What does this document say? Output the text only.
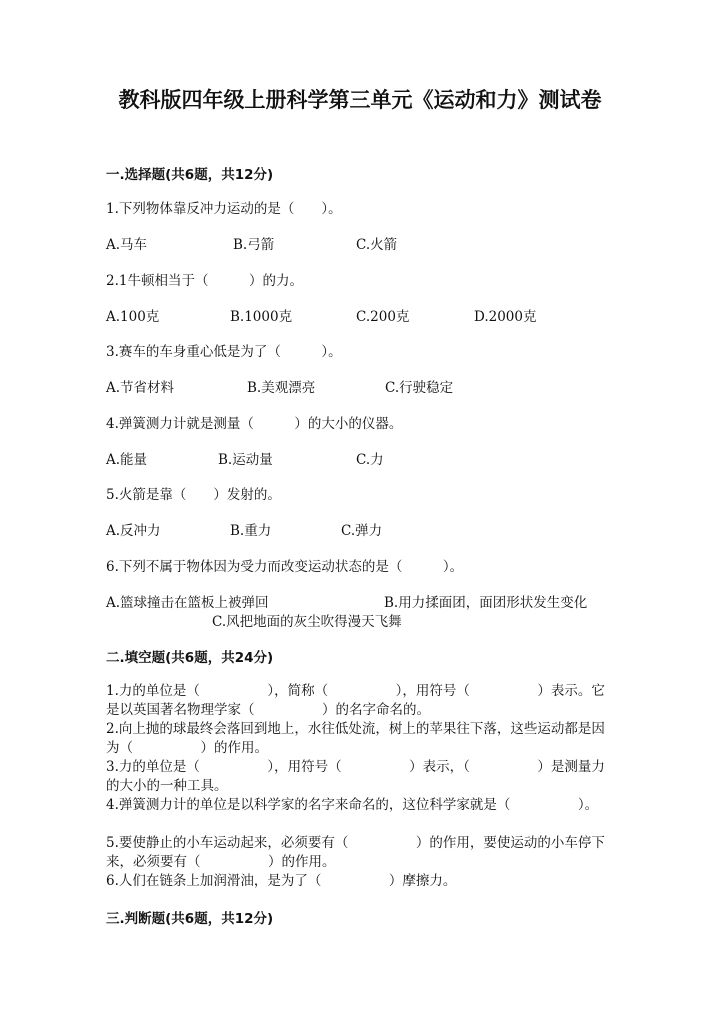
教科版四年级上册科学第三单元《运动和力》测试卷
一.选择题(共6题，共12分)
1.下列物体靠反冲力运动的是（　　）。
A.马车	B.弓箭	C.火箭
2.1牛顿相当于（　　　）的力。
A.100克	B.1000克	C.200克	D.2000克
3.赛车的车身重心低是为了（　　　）。
A.节省材料	B.美观漂亮	C.行驶稳定
4.弹簧测力计就是测量（　　　）的大小的仪器。
A.能量	B.运动量	C.力
5.火箭是靠（　　）发射的。
A.反冲力	B.重力	C.弹力
6.下列不属于物体因为受力而改变运动状态的是（　　　）。
A.篮球撞击在篮板上被弹回	B.用力揉面团，面团形状发生变化
C.风把地面的灰尘吹得漫天飞舞
二.填空题(共6题，共24分)
1.力的单位是（　　　　　），简称（　　　　　），用符号（　　　　　）表示。它是以英国著名物理学家（　　　　　）的名字命名的。
2.向上抛的球最终会落回到地上，水往低处流，树上的苹果往下落，这些运动都是因为（　　　　　）的作用。
3.力的单位是（　　　　　），用符号（　　　　　）表示，（　　　　　）是测量力的大小的一种工具。
4.弹簧测力计的单位是以科学家的名字来命名的，这位科学家就是（　　　　　）。
5.要使静止的小车运动起来，必须要有（　　　　　）的作用，要使运动的小车停下来，必须要有（　　　　　）的作用。
6.人们在链条上加润滑油，是为了（　　　　　）摩擦力。
三.判断题(共6题，共12分)
